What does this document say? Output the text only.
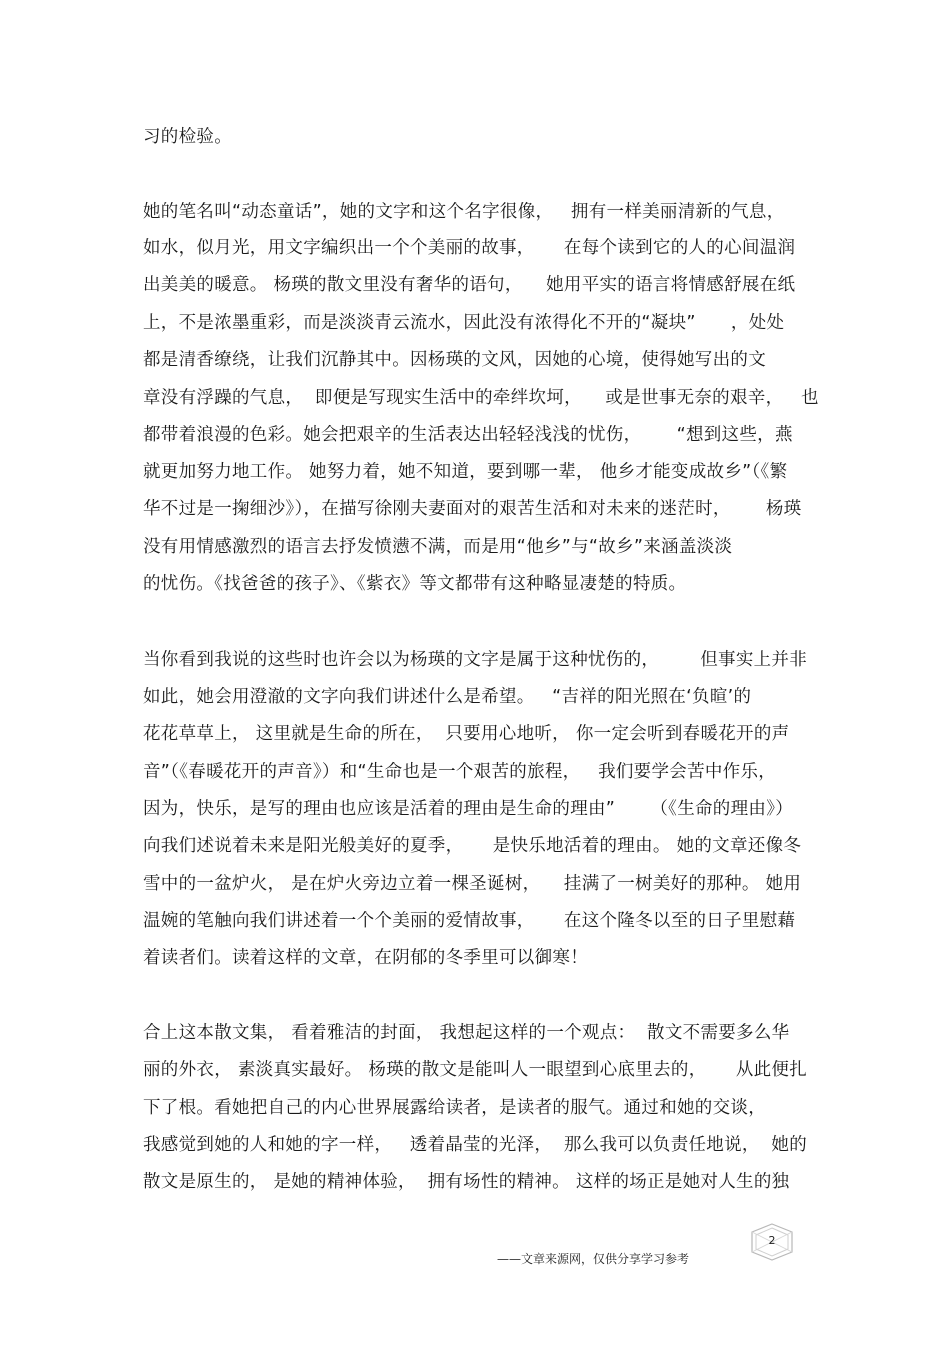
习的检验。
她的笔名叫“动态童话”，她的文字和这个名字很像，   拥有一样美丽清新的气息，
如水，似月光，用文字编织出一个个美丽的故事，     在每个读到它的人的心间温润
出美美的暖意。 杨瑛的散文里没有奢华的语句，    她用平实的语言将情感舒展在纸
上，不是浓墨重彩，而是淡淡青云流水，因此没有浓得化不开的“凝块”      ，处处
都是清香缭绕，让我们沉静其中。因杨瑛的文风，因她的心境，使得她写出的文
章没有浮躁的气息，  即便是写现实生活中的牵绊坎坷，    或是世事无奈的艰辛，   也
都带着浪漫的色彩。她会把艰辛的生活表达出轻轻浅浅的忧伤，      “想到这些，燕
就更加努力地工作。 她努力着，她不知道，要到哪一辈， 他乡才能变成故乡”（《繁
华不过是一掬细沙》），在描写徐刚夫妻面对的艰苦生活和对未来的迷茫时，      杨瑛
没有用情感激烈的语言去抒发愤懑不满，而是用“他乡”与“故乡”来涵盖淡淡
的忧伤。《找爸爸的孩子》、《紫衣》等文都带有这种略显凄楚的特质。
当你看到我说的这些时也许会以为杨瑛的文字是属于这种忧伤的，       但事实上并非
如此，她会用澄澈的文字向我们讲述什么是希望。   “吉祥的阳光照在‘负暄’的
花花草草上， 这里就是生命的所在，  只要用心地听， 你一定会听到春暖花开的声
音”（《春暖花开的声音》）和“生命也是一个艰苦的旅程，   我们要学会苦中作乐，
因为，快乐，是写的理由也应该是活着的理由是生命的理由”      （《生命的理由》）
向我们述说着未来是阳光般美好的夏季，     是快乐地活着的理由。 她的文章还像冬
雪中的一盆炉火， 是在炉火旁边立着一棵圣诞树，    挂满了一树美好的那种。 她用
温婉的笔触向我们讲述着一个个美丽的爱情故事，     在这个隆冬以至的日子里慰藉
着读者们。读着这样的文章，在阴郁的冬季里可以御寒！
合上这本散文集， 看着雅洁的封面， 我想起这样的一个观点：  散文不需要多么华
丽的外衣， 素淡真实最好。 杨瑛的散文是能叫人一眼望到心底里去的，     从此便扎
下了根。看她把自己的内心世界展露给读者，是读者的服气。通过和她的交谈，
我感觉到她的人和她的字一样，   透着晶莹的光泽，  那么我可以负责任地说，  她的
散文是原生的， 是她的精神体验，  拥有场性的精神。 这样的场正是她对人生的独
——文章来源网，仅供分享学习参考
2
